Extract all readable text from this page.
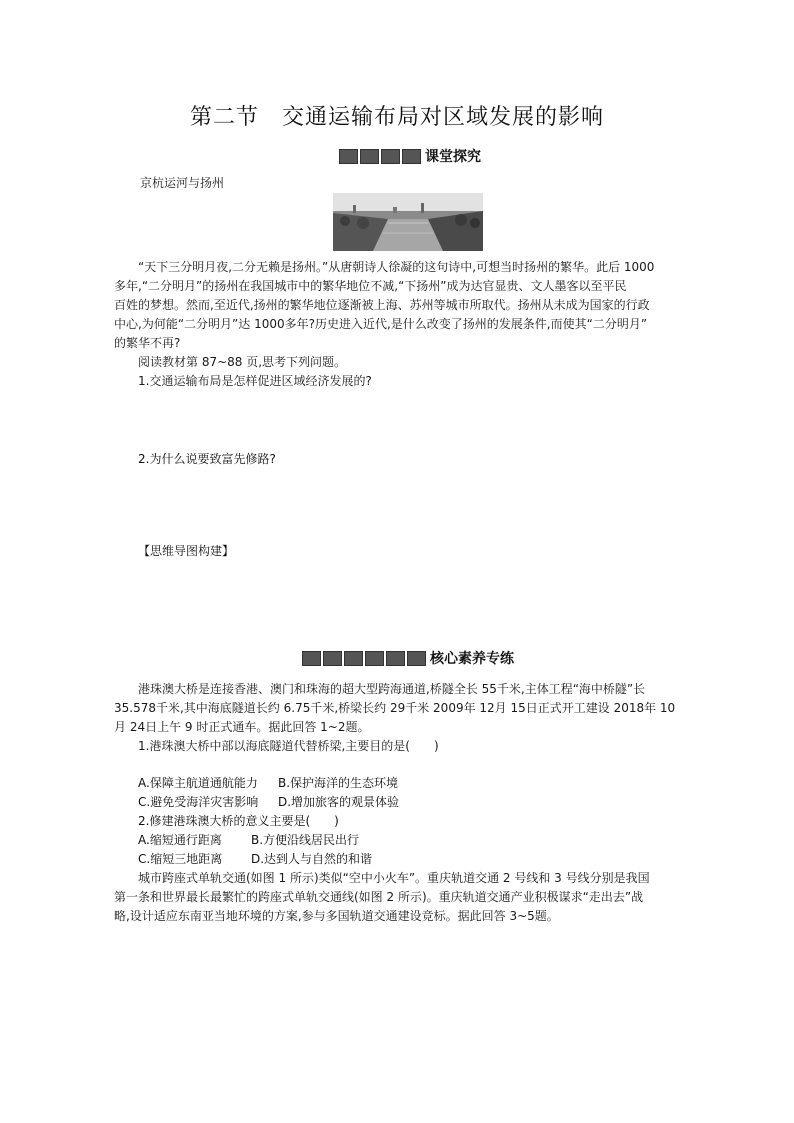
第二节　交通运输布局对区域发展的影响
课堂探究
京杭运河与扬州
“天下三分明月夜,二分无赖是扬州。”从唐朝诗人徐凝的这句诗中,可想当时扬州的繁华。此后 1000
多年,“二分明月”的扬州在我国城市中的繁华地位不减,“下扬州”成为达官显贵、文人墨客以至平民
百姓的梦想。然而,至近代,扬州的繁华地位逐渐被上海、苏州等城市所取代。扬州从未成为国家的行政
中心,为何能“二分明月”达 1000多年?历史进入近代,是什么改变了扬州的发展条件,而使其“二分明月”
的繁华不再?
阅读教材第 87~88 页,思考下列问题。
1.交通运输布局是怎样促进区域经济发展的?
2.为什么说要致富先修路?
【思维导图构建】
核心素养专练
港珠澳大桥是连接香港、澳门和珠海的超大型跨海通道,桥隧全长 55千米,主体工程“海中桥隧”长
35.578千米,其中海底隧道长约 6.75千米,桥梁长约 29千米 2009年 12月 15日正式开工建设 2018年 10
月 24日上午 9 时正式通车。据此回答 1~2题。
1.港珠澳大桥中部以海底隧道代替桥梁,主要目的是(　　)
A.保障主航道通航能力 B.保护海洋的生态环境
C.避免受海洋灾害影响 D.增加旅客的观景体验
2.修建港珠澳大桥的意义主要是(　　)
A.缩短通行距离 B.方便沿线居民出行
C.缩短三地距离 D.达到人与自然的和谐
城市跨座式单轨交通(如图 1 所示)类似“空中小火车”。重庆轨道交通 2 号线和 3 号线分别是我国
第一条和世界最长最繁忙的跨座式单轨交通线(如图 2 所示)。重庆轨道交通产业积极谋求“走出去”战
略,设计适应东南亚当地环境的方案,参与多国轨道交通建设竞标。据此回答 3~5题。
